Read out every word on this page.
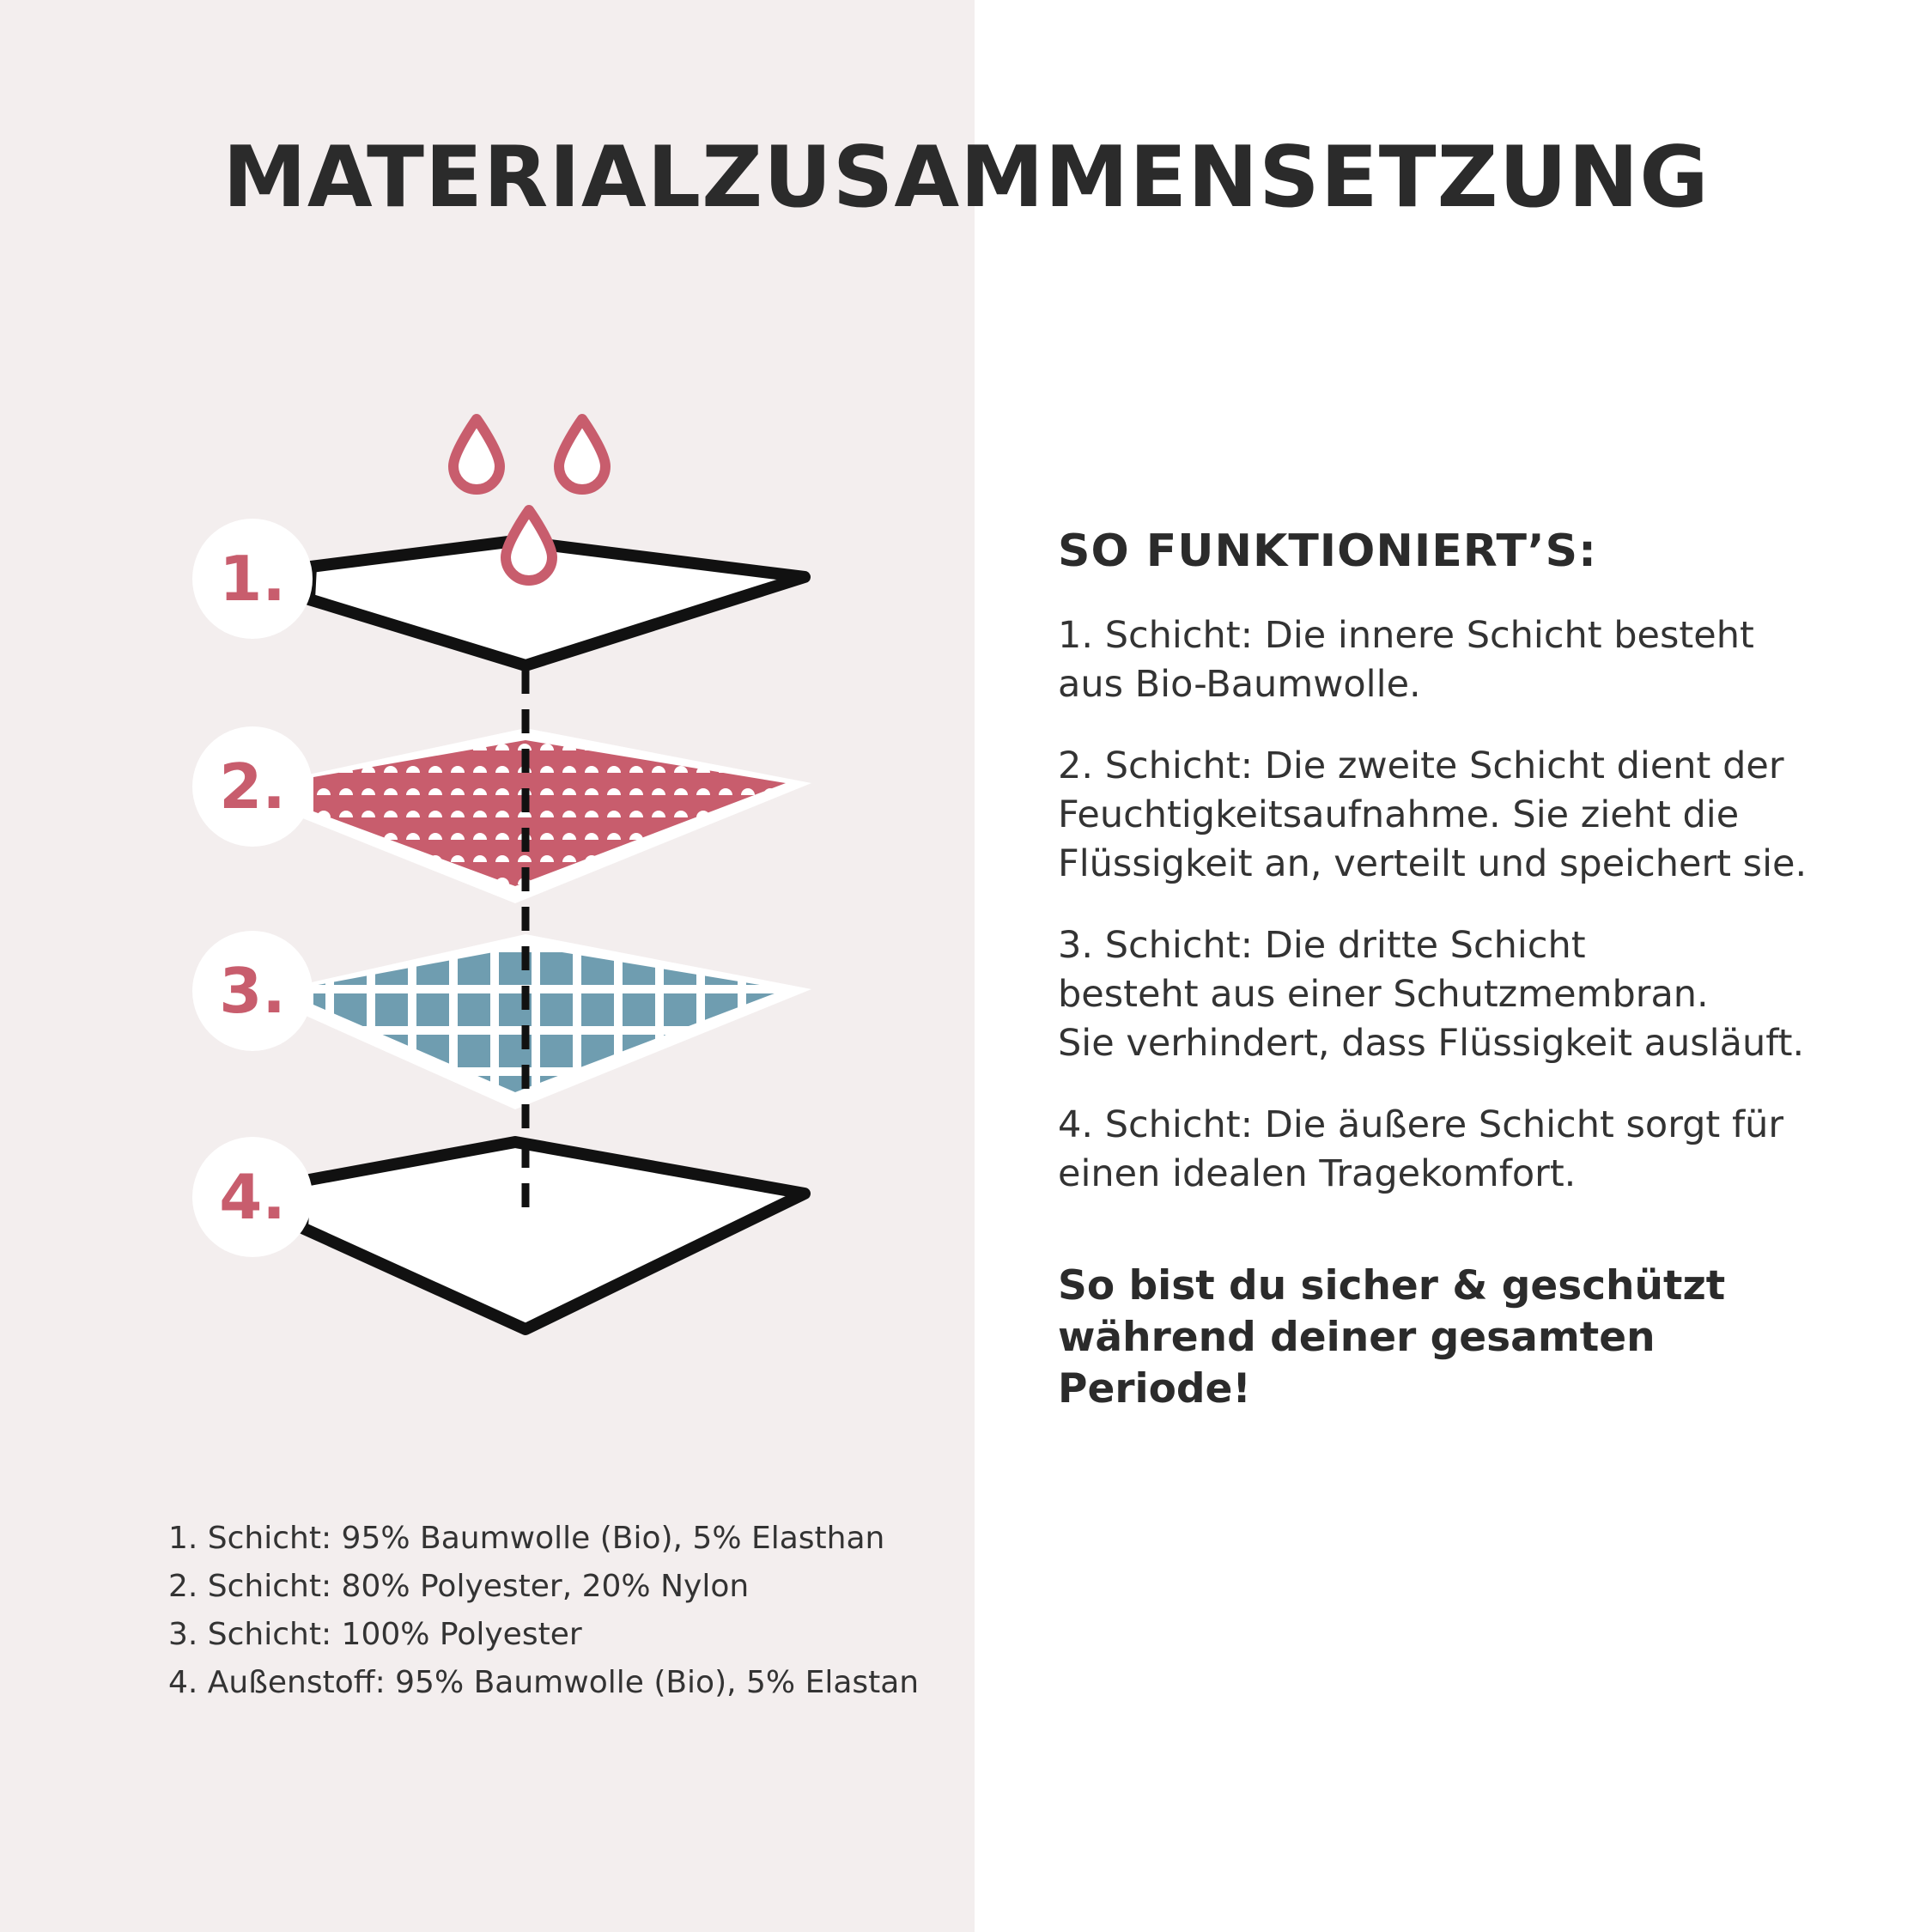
MATERIALZUSAMMENSETZUNG
1.
2.
3.
4.
SO FUNKTIONIERT’S:
1. Schicht: Die innere Schicht besteht
aus Bio-Baumwolle.
2. Schicht: Die zweite Schicht dient der
Feuchtigkeitsaufnahme. Sie zieht die
Flüssigkeit an, verteilt und speichert sie.
3. Schicht: Die dritte Schicht
besteht aus einer Schutzmembran.
Sie verhindert, dass Flüssigkeit ausläuft.
4. Schicht: Die äußere Schicht sorgt für
einen idealen Tragekomfort.

So bist du sicher & geschützt
während deiner gesamten Periode!

1. Schicht: 95% Baumwolle (Bio), 5% Elasthan
2. Schicht: 80% Polyester, 20% Nylon
3. Schicht: 100% Polyester
4. Außenstoff: 95% Baumwolle (Bio), 5% Elastan
